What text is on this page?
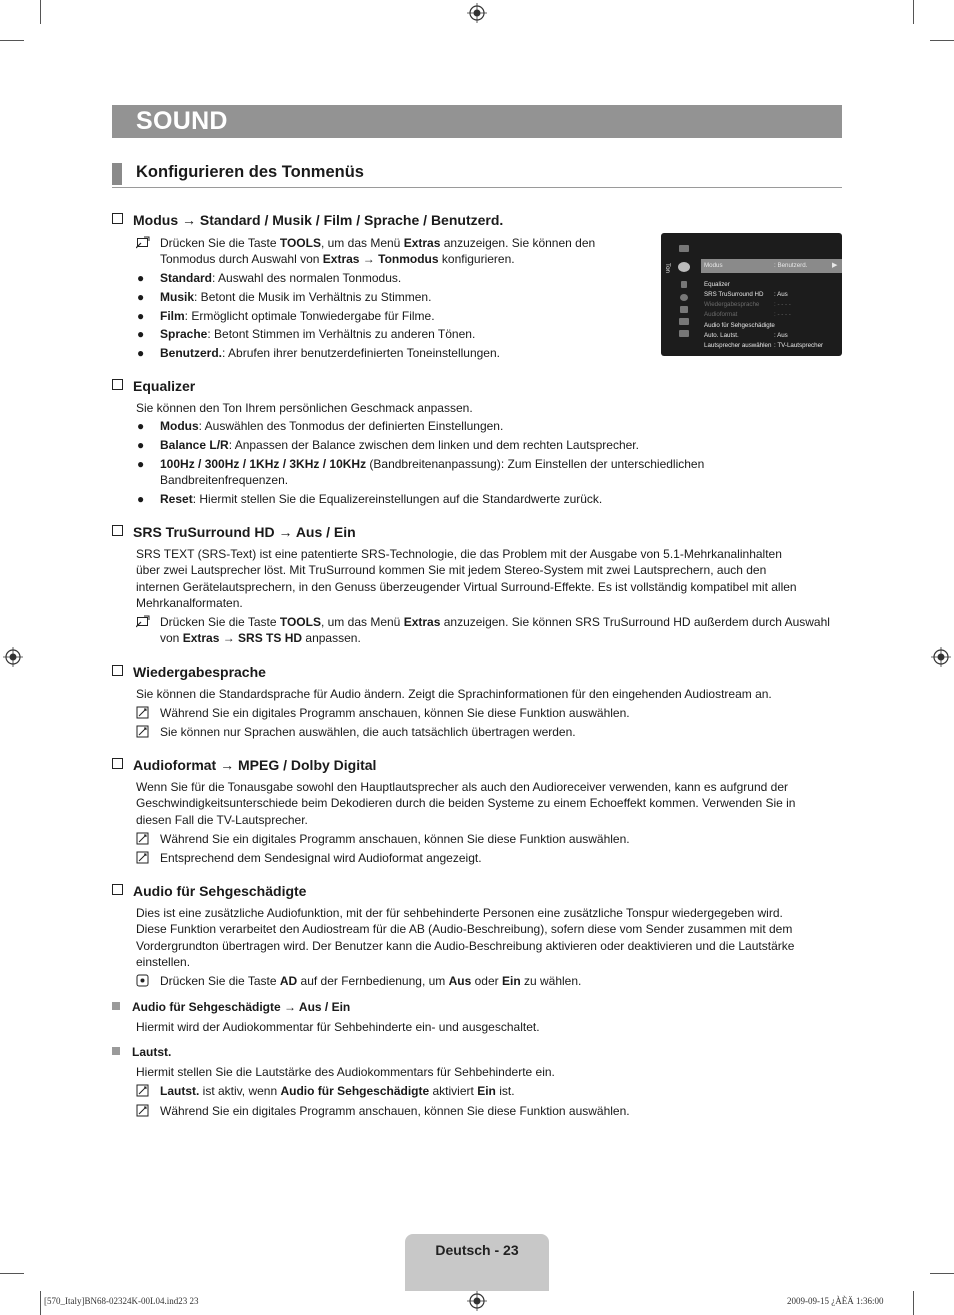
SOUND
Konfigurieren des Tonmenüs
Modus → Standard / Musik / Film / Sprache / Benutzerd.
Drücken Sie die Taste TOOLS, um das Menü Extras anzuzeigen. Sie können den
Tonmodus durch Auswahl von Extras → Tonmodus konfigurieren.
● Standard: Auswahl des normalen Tonmodus.
● Musik: Betont die Musik im Verhältnis zu Stimmen.
● Film: Ermöglicht optimale Tonwiedergabe für Filme.
● Sprache: Betont Stimmen im Verhältnis zu anderen Tönen.
● Benutzerd.: Abrufen ihrer benutzerdefinierten Toneinstellungen.
Ton	Modus	: Benutzerd.	▶
Equalizer
SRS TruSurround HD : Aus
Wiedergabesprache : - - - -
Audioformat	: - - - -
Audio für Sehgeschädigte
Auto. Lautst.	: Aus
Lautsprecher auswählen : TV-Lautsprecher
Equalizer
Sie können den Ton Ihrem persönlichen Geschmack anpassen.
● Modus: Auswählen des Tonmodus der definierten Einstellungen.
● Balance L/R: Anpassen der Balance zwischen dem linken und dem rechten Lautsprecher.
● 100Hz / 300Hz / 1KHz / 3KHz / 10KHz (Bandbreitenanpassung): Zum Einstellen der unterschiedlichen
Bandbreitenfrequenzen.
● Reset: Hiermit stellen Sie die Equalizereinstellungen auf die Standardwerte zurück.
SRS TruSurround HD → Aus / Ein
SRS TEXT (SRS-Text) ist eine patentierte SRS-Technologie, die das Problem mit der Ausgabe von 5.1-Mehrkanalinhalten
über zwei Lautsprecher löst. Mit TruSurround kommen Sie mit jedem Stereo-System mit zwei Lautsprechern, auch den
internen Gerätelautsprechern, in den Genuss überzeugender Virtual Surround-Effekte. Es ist vollständig kompatibel mit allen
Mehrkanalformaten.
Drücken Sie die Taste TOOLS, um das Menü Extras anzuzeigen. Sie können SRS TruSurround HD außerdem durch Auswahl
von Extras → SRS TS HD anpassen.
Wiedergabesprache
Sie können die Standardsprache für Audio ändern. Zeigt die Sprachinformationen für den eingehenden Audiostream an.
Während Sie ein digitales Programm anschauen, können Sie diese Funktion auswählen.
Sie können nur Sprachen auswählen, die auch tatsächlich übertragen werden.
Audioformat → MPEG / Dolby Digital
Wenn Sie für die Tonausgabe sowohl den Hauptlautsprecher als auch den Audioreceiver verwenden, kann es aufgrund der
Geschwindigkeitsunterschiede beim Dekodieren durch die beiden Systeme zu einem Echoeffekt kommen. Verwenden Sie in
diesen Fall die TV-Lautsprecher.
Während Sie ein digitales Programm anschauen, können Sie diese Funktion auswählen.
Entsprechend dem Sendesignal wird Audioformat angezeigt.
Audio für Sehgeschädigte
Dies ist eine zusätzliche Audiofunktion, mit der für sehbehinderte Personen eine zusätzliche Tonspur wiedergegeben wird.
Diese Funktion verarbeitet den Audiostream für die AB (Audio-Beschreibung), sofern diese vom Sender zusammen mit dem
Vordergrundton übertragen wird. Der Benutzer kann die Audio-Beschreibung aktivieren oder deaktivieren und die Lautstärke
einstellen.
Drücken Sie die Taste AD auf der Fernbedienung, um Aus oder Ein zu wählen.
Audio für Sehgeschädigte → Aus / Ein
Hiermit wird der Audiokommentar für Sehbehinderte ein- und ausgeschaltet.
Lautst.
Hiermit stellen Sie die Lautstärke des Audiokommentars für Sehbehinderte ein.
Lautst. ist aktiv, wenn Audio für Sehgeschädigte aktiviert Ein ist.
Während Sie ein digitales Programm anschauen, können Sie diese Funktion auswählen.
Deutsch - 23
[570_Italy]BN68-02324K-00L04.ind23 23	2009-09-15 ¿ÀÈÄ 1:36:00
